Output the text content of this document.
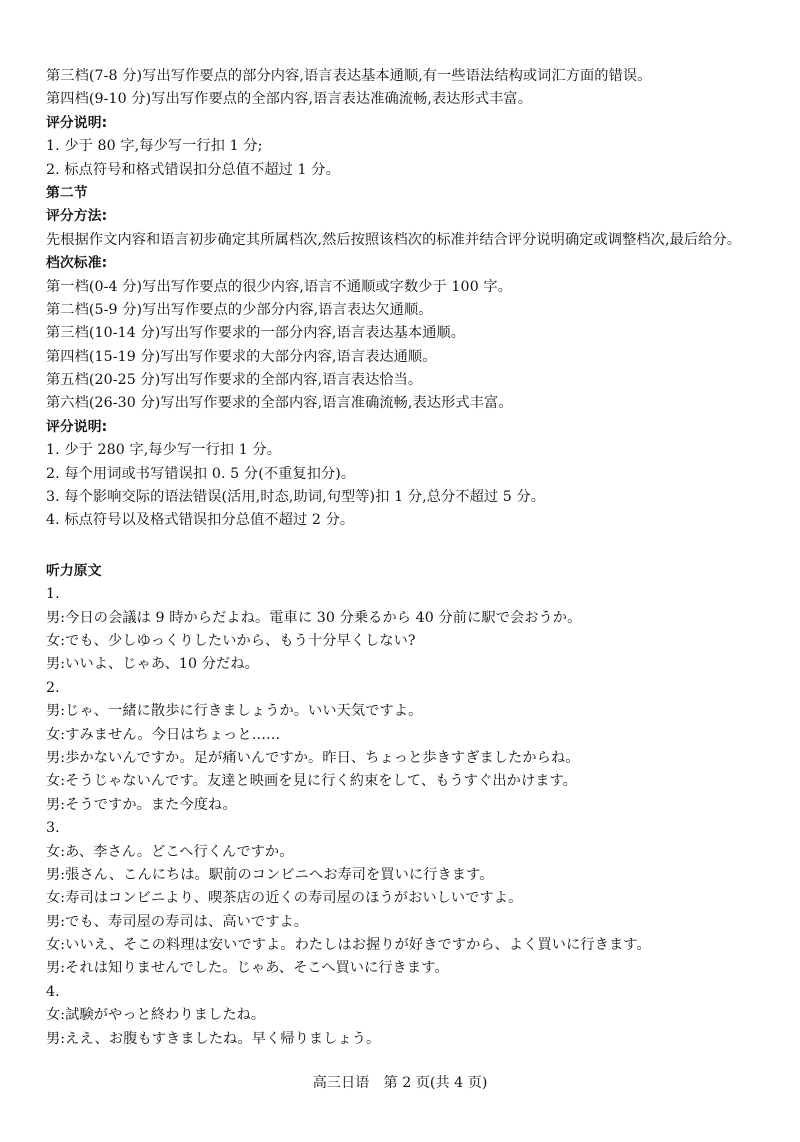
第三档(7-8 分)写出写作要点的部分内容,语言表达基本通顺,有一些语法结构或词汇方面的错误。
第四档(9-10 分)写出写作要点的全部内容,语言表达准确流畅,表达形式丰富。
评分说明:
1. 少于 80 字,每少写一行扣 1 分;
2. 标点符号和格式错误扣分总值不超过 1 分。
第二节
评分方法:
先根据作文内容和语言初步确定其所属档次,然后按照该档次的标准并结合评分说明确定或调整档次,最后给分。
档次标准:
第一档(0-4 分)写出写作要点的很少内容,语言不通顺或字数少于 100 字。
第二档(5-9 分)写出写作要点的少部分内容,语言表达欠通顺。
第三档(10-14 分)写出写作要求的一部分内容,语言表达基本通顺。
第四档(15-19 分)写出写作要求的大部分内容,语言表达通顺。
第五档(20-25 分)写出写作要求的全部内容,语言表达恰当。
第六档(26-30 分)写出写作要求的全部内容,语言准确流畅,表达形式丰富。
评分说明:
1. 少于 280 字,每少写一行扣 1 分。
2. 每个用词或书写错误扣 0. 5 分(不重复扣分)。
3. 每个影响交际的语法错误(活用,时态,助词,句型等)扣 1 分,总分不超过 5 分。
4. 标点符号以及格式错误扣分总值不超过 2 分。
听力原文
1.
男:今日の会議は 9 時からだよね。電車に 30 分乗るから 40 分前に駅で会おうか。
女:でも、少しゆっくりしたいから、もう十分早くしない?
男:いいよ、じゃあ、10 分だね。
2.
男:じゃ、一緒に散歩に行きましょうか。いい天気ですよ。
女:すみません。今日はちょっと……
男:歩かないんですか。足が痛いんですか。昨日、ちょっと歩きすぎましたからね。
女:そうじゃないんです。友達と映画を見に行く約束をして、もうすぐ出かけます。
男:そうですか。また今度ね。
3.
女:あ、李さん。どこへ行くんですか。
男:張さん、こんにちは。駅前のコンビニへお寿司を買いに行きます。
女:寿司はコンビニより、喫茶店の近くの寿司屋のほうがおいしいですよ。
男:でも、寿司屋の寿司は、高いですよ。
女:いいえ、そこの料理は安いですよ。わたしはお握りが好きですから、よく買いに行きます。
男:それは知りませんでした。じゃあ、そこへ買いに行きます。
4.
女:試験がやっと終わりましたね。
男:ええ、お腹もすきましたね。早く帰りましょう。
高三日语　第 2 页(共 4 页)
